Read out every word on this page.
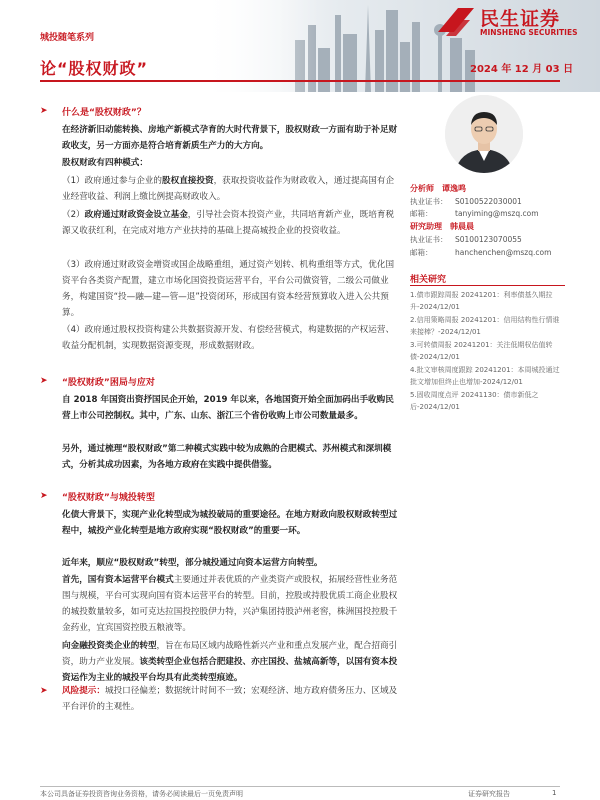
城投随笔系列
论“股权财政”
民生证券
MINSHENG SECURITIES
2024 年 12 月 03 日
➤ 什么是“股权财政”？
在经济新旧动能转换、房地产新模式孕育的大时代背景下，股权财政一方面有助于补足财政收支，另一方面亦是符合培育新质生产力的大方向。
股权财政有四种模式：
（1）政府通过参与企业的股权直接投资，获取投资收益作为财政收入，通过提高国有企业经营收益、利润上缴比例提高财政收入。
（2）政府通过财政资金设立基金，引导社会资本投资产业，共同培育新产业，既培育税源又收获红利，在完成对地方产业扶持的基础上提高城投企业的投资收益。
（3）政府通过财政资金增资或国企战略重组，通过资产划转、机构重组等方式，优化国资平台各类资产配置，建立市场化国资投资运营平台，平台公司做资管，二级公司做业务，构建国资“投—融—建—管—退”投资闭环，形成国有资本经营预算收入进入公共预算。
（4）政府通过股权投资构建公共数据资源开发、有偿经营模式，构建数据的产权运营、收益分配机制，实现数据资源变现，形成数据财政。
➤ “股权财政”困局与应对
自 2018 年国资出资抒国民企开始，2019 年以来，各地国资开始全面加码出手收购民营上市公司控制权。其中，广东、山东、浙江三个省份收购上市公司数量最多。
另外，通过梳理“股权财政”第二种模式实践中较为成熟的合肥模式、苏州模式和深圳模式，分析其成功因素，为各地方政府在实践中提供借鉴。
➤ “股权财政”与城投转型
化债大背景下，实现产业化转型成为城投破局的重要途径。在地方财政向股权财政转型过程中，城投产业化转型是地方政府实现“股权财政”的重要一环。
近年来，顺应“股权财政”转型，部分城投通过向资本运营方向转型。
首先，国有资本运营平台模式主要通过并表优质的产业类资产或股权，拓展经营性业务范围与规模，平台可实现向国有资本运营平台的转型。目前，控股或持股优质工商企业股权的城投数量较多，如可克达拉国投控股伊力特，兴泸集团持股泸州老窖，株洲国投控股千金药业，宜宾国资控股五粮液等。
向金融投资类企业的转型，旨在布局区域内战略性新兴产业和重点发展产业，配合招商引资，助力产业发展。该类转型企业包括合肥建投、亦庄国投、盐城高新等，以国有资本投资运作为主业的城投平台均具有此类转型痕迹。
➤ 风险提示：城投口径偏差；数据统计时间不一致；宏观经济、地方政府债务压力、区域及平台评价的主观性。
分析师 谭逸鸣
执业证书： S0100522030001
邮箱：	tanyiming@mszq.com
研究助理 韩晨晨
执业证书： S0100123070055
邮箱：	hanchenchen@mszq.com
相关研究
1.债市跟踪周报 20241201：利率债基久期拉升-2024/12/01
2.信用策略周报 20241201：信用结构性行情谁来接棒？-2024/12/01
3.可转债周报 20241201：关注低期权估值转债-2024/12/01
4.批文审核周度跟踪 20241201：本周城投通过批文增加但终止也增加-2024/12/01
5.固收周度点评 20241130：债市新低之后-2024/12/01
本公司具备证券投资咨询业务资格，请务必阅读最后一页免责声明	证券研究报告	1
